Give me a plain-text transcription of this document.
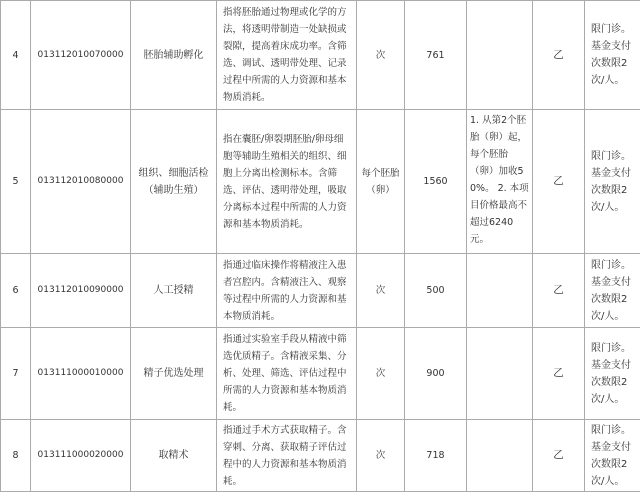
4	013112010070000	胚胎辅助孵化	指将胚胎通过物理或化学的方法，将透明带制造一处缺损或裂隙，提高着床成功率。含筛选、调试、透明带处理、记录过程中所需的人力资源和基本物质消耗。	次	761		乙	限门诊。基金支付次数限2次/人。
5	013112010080000	组织、细胞活检（辅助生殖）	指在囊胚/卵裂期胚胎/卵母细胞等辅助生殖相关的组织、细胞上分离出检测标本。含筛选、评估、透明带处理，吸取分离标本过程中所需的人力资源和基本物质消耗。	每个胚胎（卵）	1560	1. 从第2个胚胎（卵）起，每个胚胎（卵）加收50%。 2. 本项目价格最高不超过6240元。	乙	限门诊。基金支付次数限2次/人。
6	013112010090000	人工授精	指通过临床操作将精液注入患者宫腔内。含精液注入、观察等过程中所需的人力资源和基本物质消耗。	次	500		乙	限门诊。基金支付次数限2次/人。
7	013111000010000	精子优选处理	指通过实验室手段从精液中筛选优质精子。含精液采集、分析、处理、筛选、评估过程中所需的人力资源和基本物质消耗。	次	900		乙	限门诊。基金支付次数限2次/人。
8	013111000020000	取精术	指通过手术方式获取精子。含穿刺、分离、获取精子评估过程中的人力资源和基本物质消耗。	次	718		乙	限门诊。基金支付次数限2次/人。
